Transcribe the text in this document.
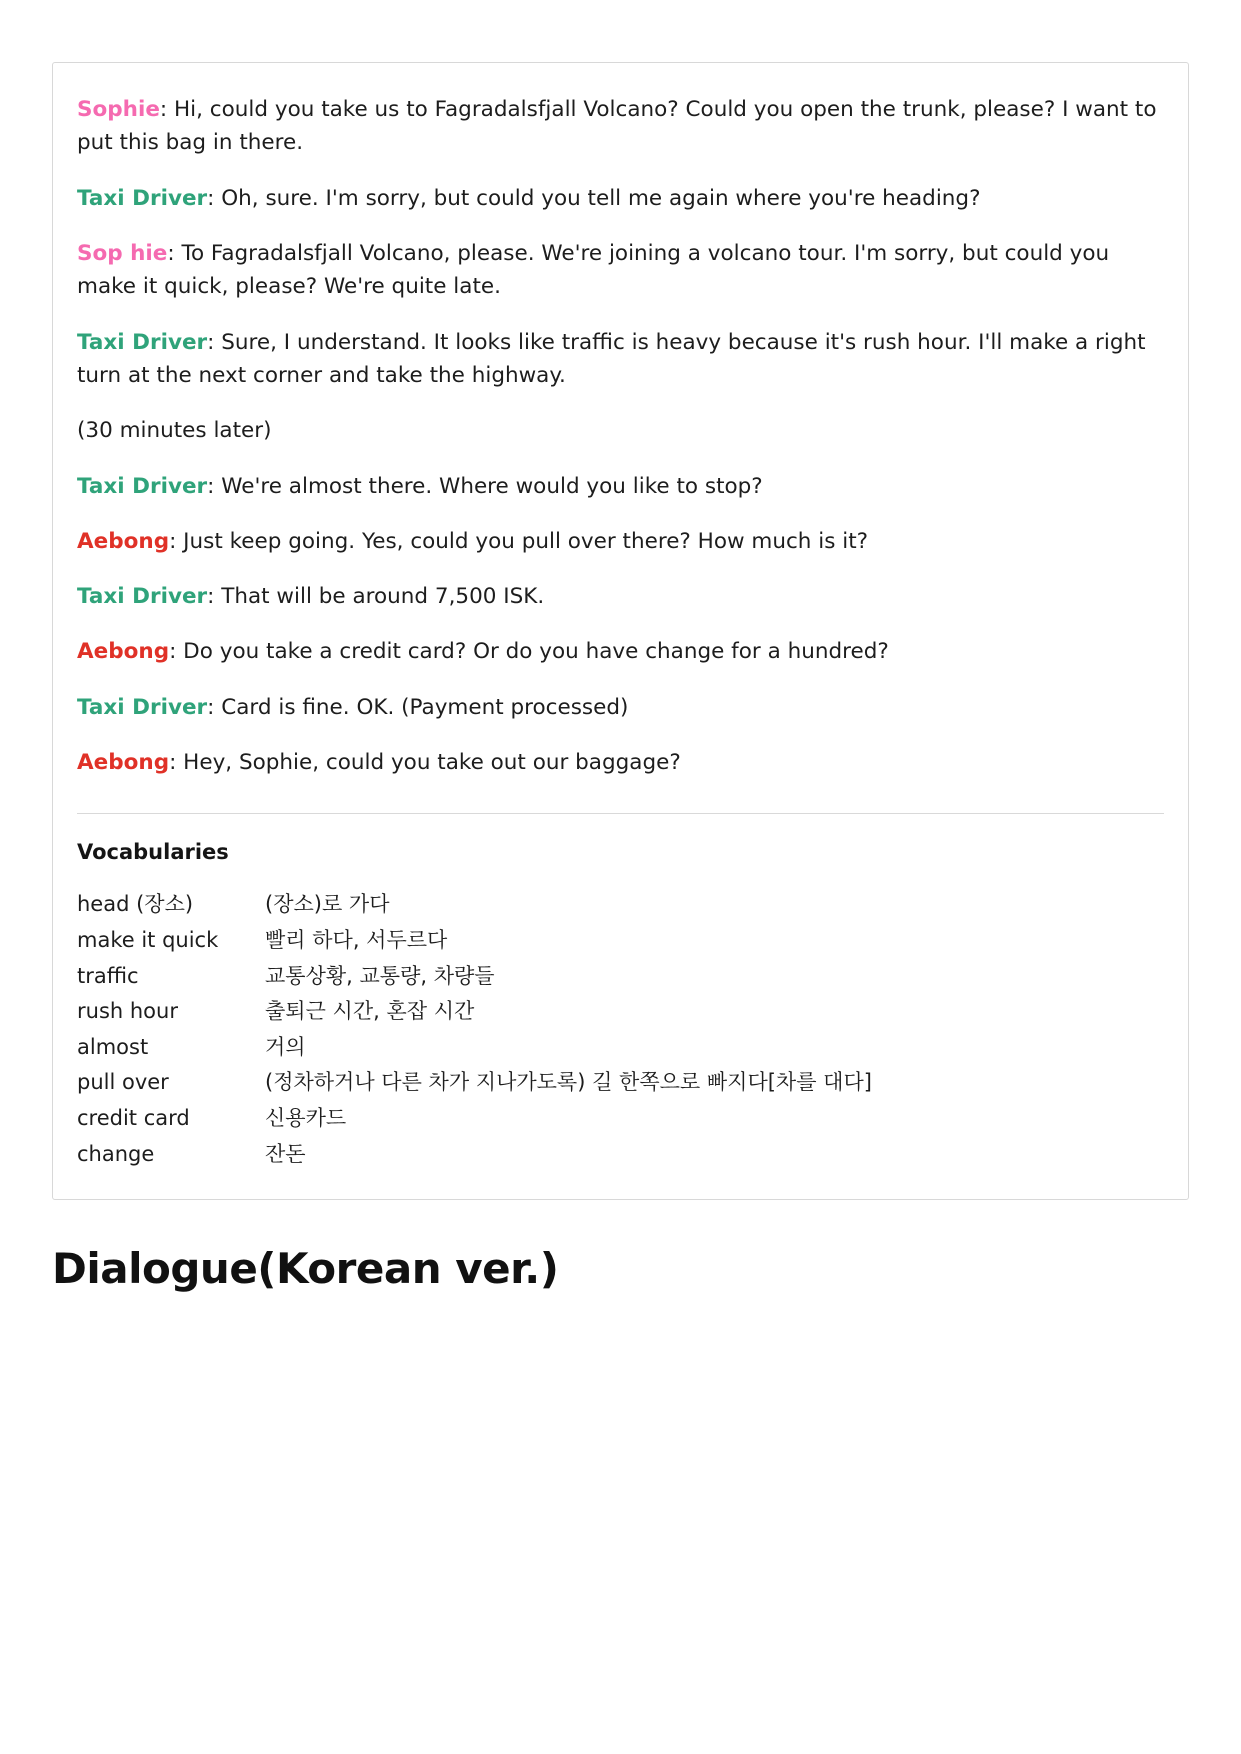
Sophie: Hi, could you take us to Fagradalsfjall Volcano? Could you open the trunk, please? I want to put this bag in there.

Taxi Driver: Oh, sure. I'm sorry, but could you tell me again where you're heading?

Sop hie: To Fagradalsfjall Volcano, please. We're joining a volcano tour. I'm sorry, but could you make it quick, please? We're quite late.

Taxi Driver: Sure, I understand. It looks like traffic is heavy because it's rush hour. I'll make a right turn at the next corner and take the highway.

(30 minutes later)

Taxi Driver: We're almost there. Where would you like to stop?

Aebong: Just keep going. Yes, could you pull over there? How much is it?

Taxi Driver: That will be around 7,500 ISK.

Aebong: Do you take a credit card? Or do you have change for a hundred?

Taxi Driver: Card is fine. OK. (Payment processed)

Aebong: Hey, Sophie, could you take out our baggage?

Vocabularies
head (장소)	(장소)로 가다
make it quick	빨리 하다, 서두르다
traffic	교통상황, 교통량, 차량들
rush hour	출퇴근 시간, 혼잡 시간
almost	거의
pull over	(정차하거나 다른 차가 지나가도록) 길 한쪽으로 빠지다[차를 대다]
credit card	신용카드
change	잔돈
Dialogue(Korean ver.)
